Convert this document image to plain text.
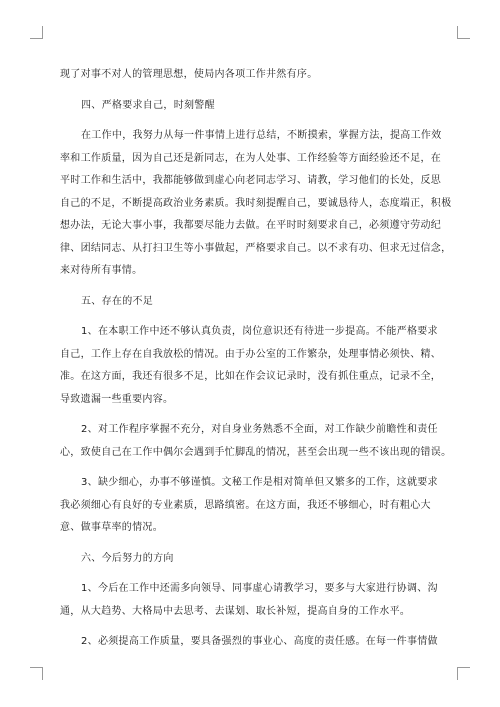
现了对事不对人的管理思想，使局内各项工作井然有序。
四、严格要求自己，时刻警醒
在工作中，我努力从每一件事情上进行总结，不断摸索，掌握方法，提高工作效
率和工作质量，因为自己还是新同志，在为人处事、工作经验等方面经验还不足，在
平时工作和生活中，我都能够做到虚心向老同志学习、请教，学习他们的长处，反思
自己的不足，不断提高政治业务素质。我时刻提醒自己，要诚恳待人，态度端正，积极
想办法，无论大事小事，我都要尽能力去做。在平时时刻要求自己，必须遵守劳动纪
律、团结同志、从打扫卫生等小事做起，严格要求自己。以不求有功、但求无过信念，
来对待所有事情。
五、存在的不足
1、在本职工作中还不够认真负责，岗位意识还有待进一步提高。不能严格要求
自己，工作上存在自我放松的情况。由于办公室的工作繁杂，处理事情必须快、精、
准。在这方面，我还有很多不足，比如在作会议记录时，没有抓住重点，记录不全，
导致遗漏一些重要内容。
2、对工作程序掌握不充分，对自身业务熟悉不全面，对工作缺少前瞻性和责任
心，致使自己在工作中偶尔会遇到手忙脚乱的情况，甚至会出现一些不该出现的错误。
3、缺少细心，办事不够谨慎。文秘工作是相对简单但又繁多的工作，这就要求
我必须细心有良好的专业素质，思路缜密。在这方面，我还不够细心，时有粗心大
意、做事草率的情况。
六、今后努力的方向
1、今后在工作中还需多向领导、同事虚心请教学习，要多与大家进行协调、沟
通，从大趋势、大格局中去思考、去谋划、取长补短，提高自身的工作水平。
2、必须提高工作质量，要具备强烈的事业心、高度的责任感。在每一件事情做
